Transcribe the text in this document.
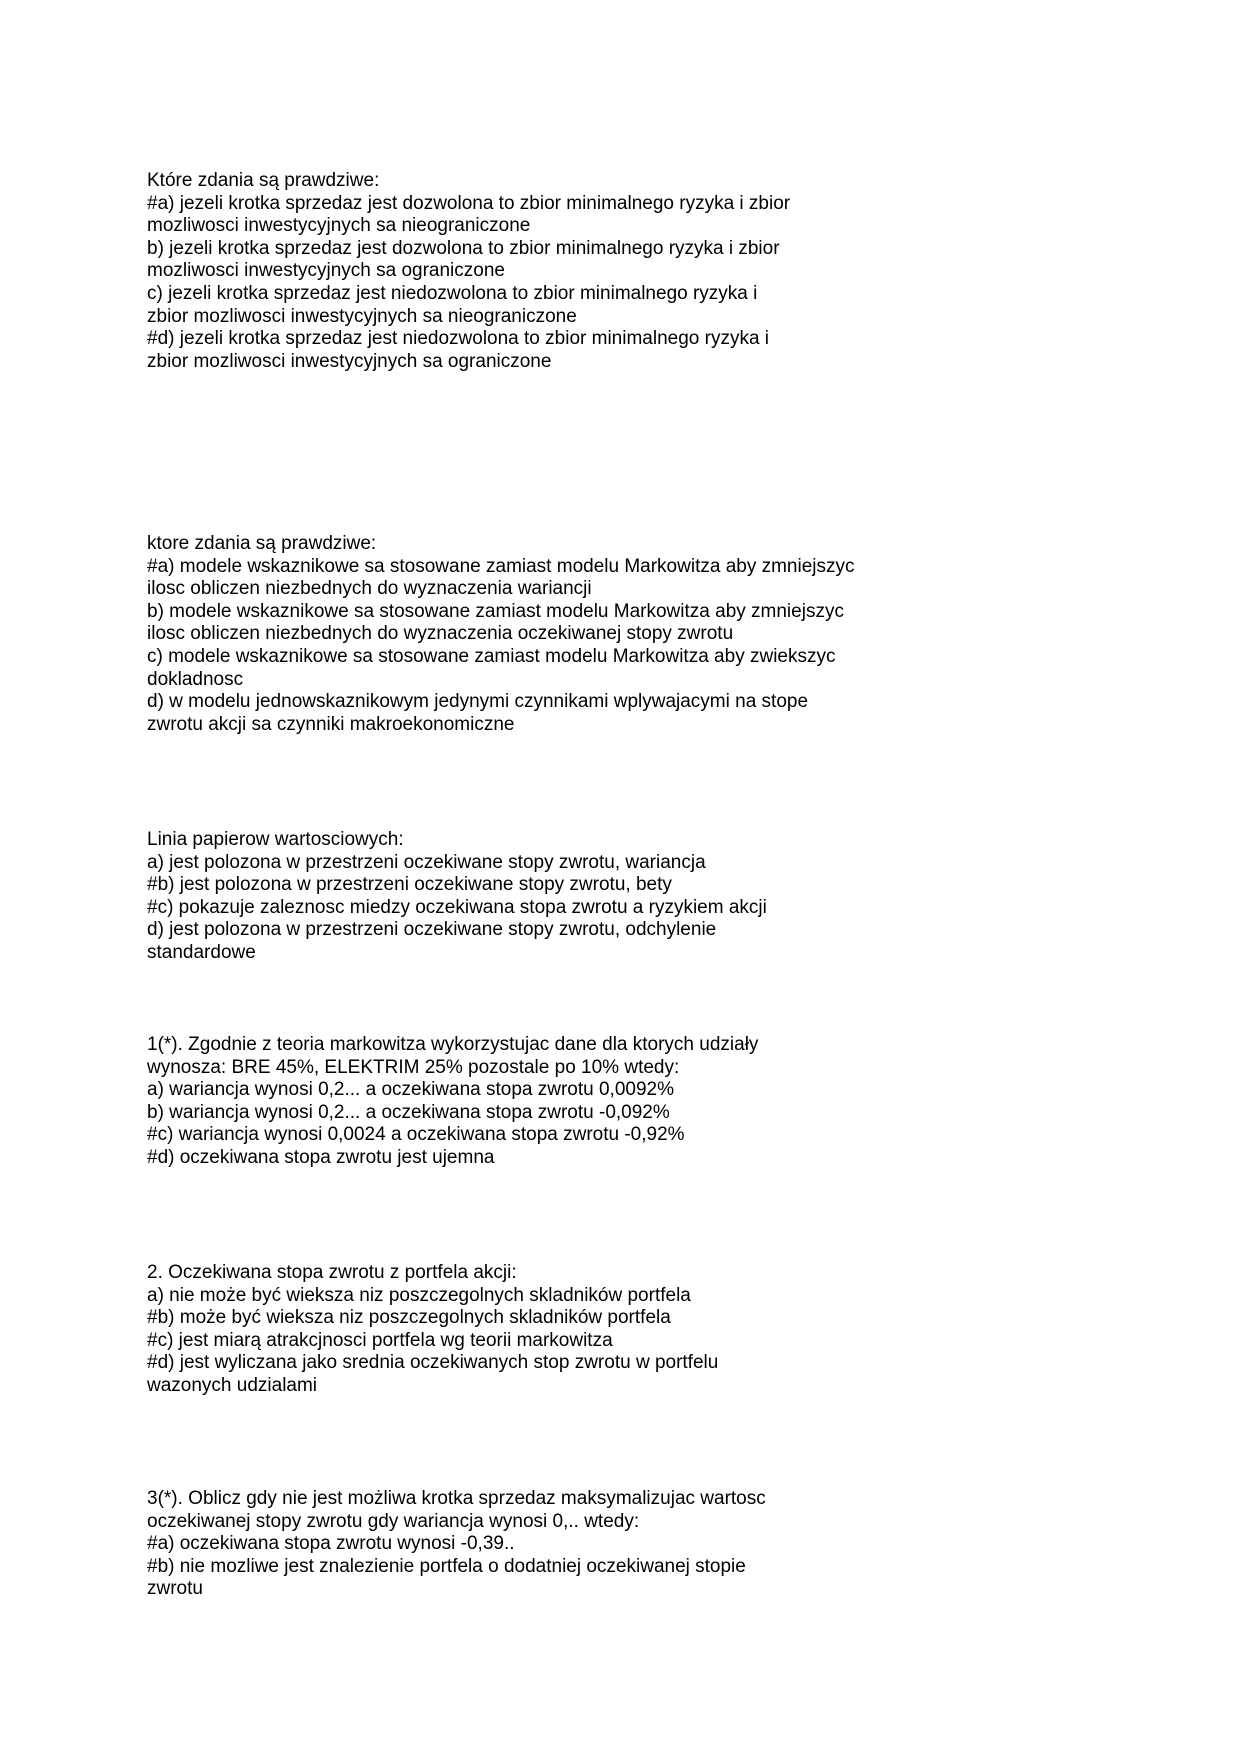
Które zdania są prawdziwe:
#a) jezeli krotka sprzedaz jest dozwolona to zbior minimalnego ryzyka i zbior
mozliwosci inwestycyjnych sa nieograniczone
b) jezeli krotka sprzedaz jest dozwolona to zbior minimalnego ryzyka i zbior
mozliwosci inwestycyjnych sa ograniczone
c) jezeli krotka sprzedaz jest niedozwolona to zbior minimalnego ryzyka i
zbior mozliwosci inwestycyjnych sa nieograniczone
#d) jezeli krotka sprzedaz jest niedozwolona to zbior minimalnego ryzyka i
zbior mozliwosci inwestycyjnych sa ograniczone
ktore zdania są prawdziwe:
#a) modele wskaznikowe sa stosowane zamiast modelu Markowitza aby zmniejszyc
ilosc obliczen niezbednych do wyznaczenia wariancji
b) modele wskaznikowe sa stosowane zamiast modelu Markowitza aby zmniejszyc
ilosc obliczen niezbednych do wyznaczenia oczekiwanej stopy zwrotu
c) modele wskaznikowe sa stosowane zamiast modelu Markowitza aby zwiekszyc
dokladnosc
d) w modelu jednowskaznikowym jedynymi czynnikami wplywajacymi na stope
zwrotu akcji sa czynniki makroekonomiczne
Linia papierow wartosciowych:
a) jest polozona w przestrzeni oczekiwane stopy zwrotu, wariancja
#b) jest polozona w przestrzeni oczekiwane stopy zwrotu, bety
#c) pokazuje zaleznosc miedzy oczekiwana stopa zwrotu a ryzykiem akcji
d) jest polozona w przestrzeni oczekiwane stopy zwrotu, odchylenie
standardowe
1(*). Zgodnie z teoria markowitza wykorzystujac dane dla ktorych udziały
wynosza: BRE 45%, ELEKTRIM 25% pozostale po 10% wtedy:
a) wariancja wynosi 0,2... a oczekiwana stopa zwrotu 0,0092%
b) wariancja wynosi 0,2... a oczekiwana stopa zwrotu -0,092%
#c) wariancja wynosi 0,0024 a oczekiwana stopa zwrotu -0,92%
#d) oczekiwana stopa zwrotu jest ujemna
2. Oczekiwana stopa zwrotu z portfela akcji:
a) nie może być wieksza niz poszczegolnych skladników portfela
#b) może być wieksza niz poszczegolnych skladników portfela
#c) jest miarą atrakcjnosci portfela wg teorii markowitza
#d) jest wyliczana jako srednia oczekiwanych stop zwrotu w portfelu
wazonych udzialami
3(*). Oblicz gdy nie jest możliwa krotka sprzedaz maksymalizujac wartosc
oczekiwanej stopy zwrotu gdy wariancja wynosi 0,.. wtedy:
#a) oczekiwana stopa zwrotu wynosi -0,39..
#b) nie mozliwe jest znalezienie portfela o dodatniej oczekiwanej stopie
zwrotu
